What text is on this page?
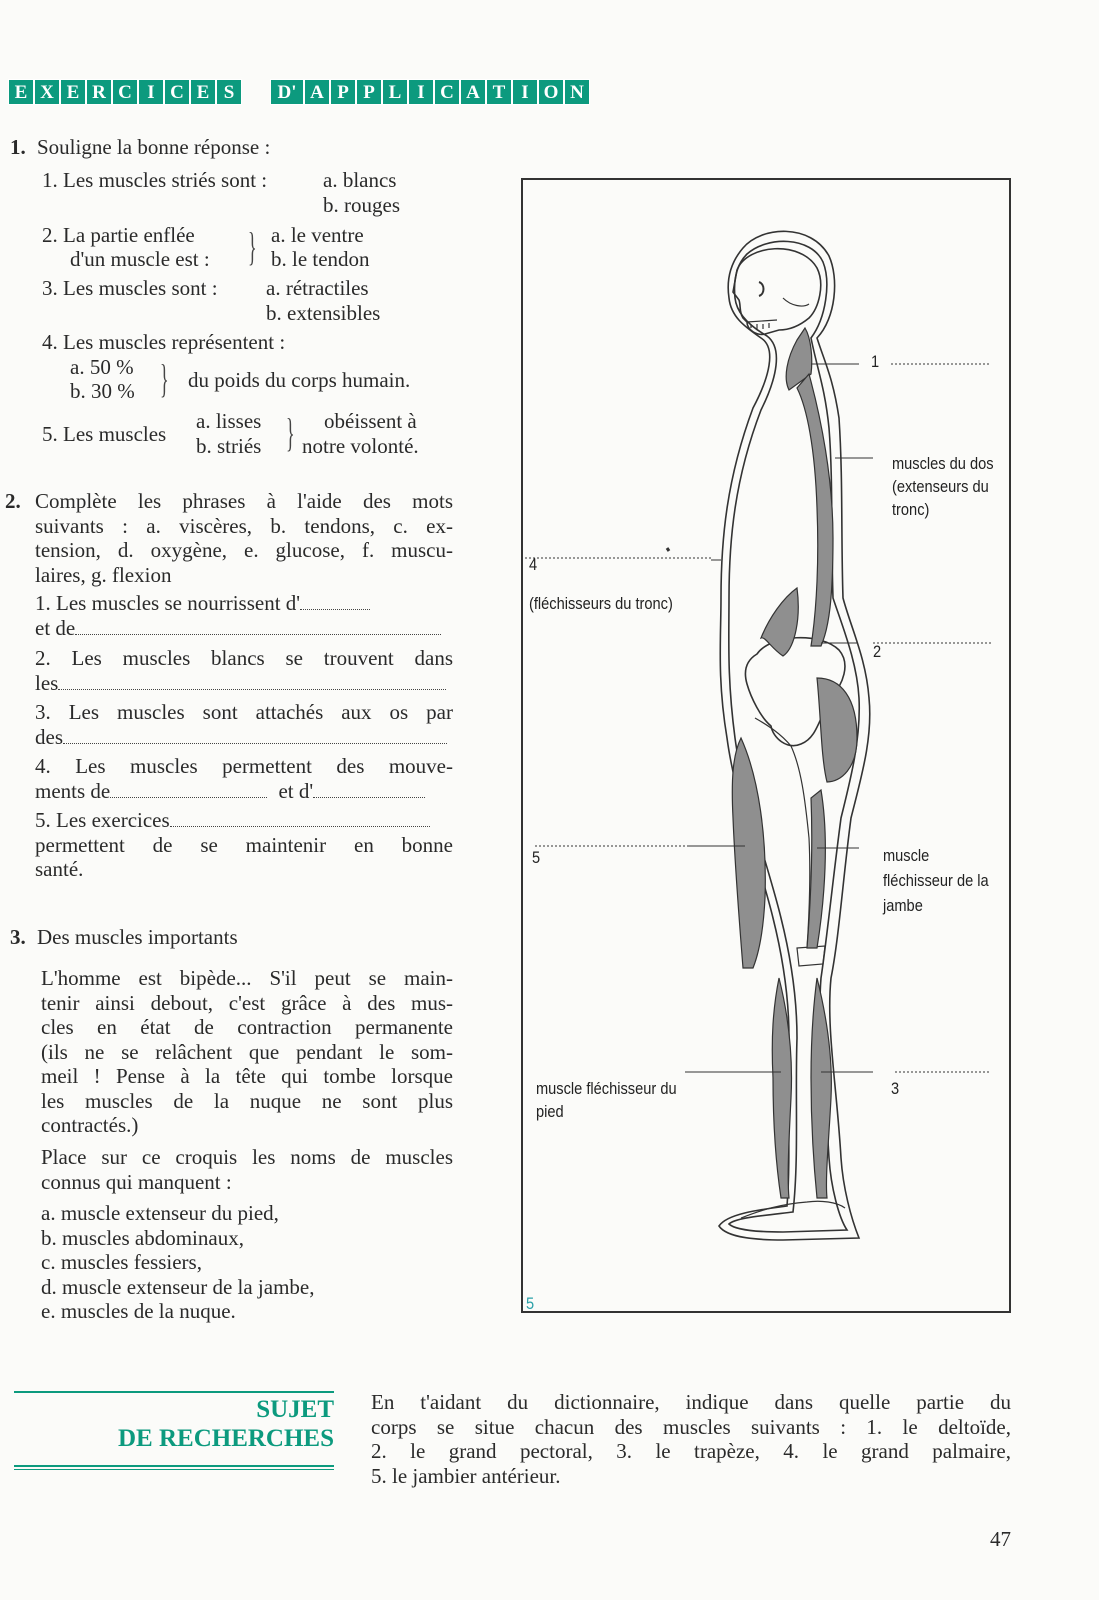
E X E R C I C E S	D' A P P L I C A T I O N
1. Souligne la bonne réponse :
1. Les muscles striés sont :	a. blancs
b. rouges
2. La partie enflée
d'un muscle est : } a. le ventre
b. le tendon
3. Les muscles sont : a. rétractiles
b. extensibles
4. Les muscles représentent :
a. 50 %
b. 30 % } du poids du corps humain.
5. Les muscles
a. lisses
b. striés } obéissent à
notre volonté.
2. Complète les phrases à l'aide des mots
suivants : a. viscères, b. tendons, c. ex-
tension, d. oxygène, e. glucose, f. muscu-
laires, g. flexion
1. Les muscles se nourrissent d'
et de
2. Les muscles blancs se trouvent dans
les
3. Les muscles sont attachés aux os par
des
4. Les muscles permettent des mouve-
ments de	et d'
5. Les exercices
permettent de se maintenir en bonne
santé.
3. Des muscles importants
L'homme est bipède... S'il peut se main-
tenir ainsi debout, c'est grâce à des mus-
cles en état de contraction permanente
(ils ne se relâchent que pendant le som-
meil ! Pense à la tête qui tombe lorsque
les muscles de la nuque ne sont plus
contractés.)
Place sur ce croquis les noms de muscles
connus qui manquent :
a. muscle extenseur du pied,
b. muscles abdominaux,
c. muscles fessiers,
d. muscle extenseur de la jambe,
e. muscles de la nuque.
1
muscles du dos
(extenseurs du
tronc)
4
(fléchisseurs du tronc)
2
5	muscle
fléchisseur de la
jambe
muscle fléchisseur du
pied
3
5
SUJET
DE RECHERCHES
En t'aidant du dictionnaire, indique dans quelle partie du
corps se situe chacun des muscles suivants : 1. le deltoïde,
2. le grand pectoral, 3. le trapèze, 4. le grand palmaire,
5. le jambier antérieur.
47
